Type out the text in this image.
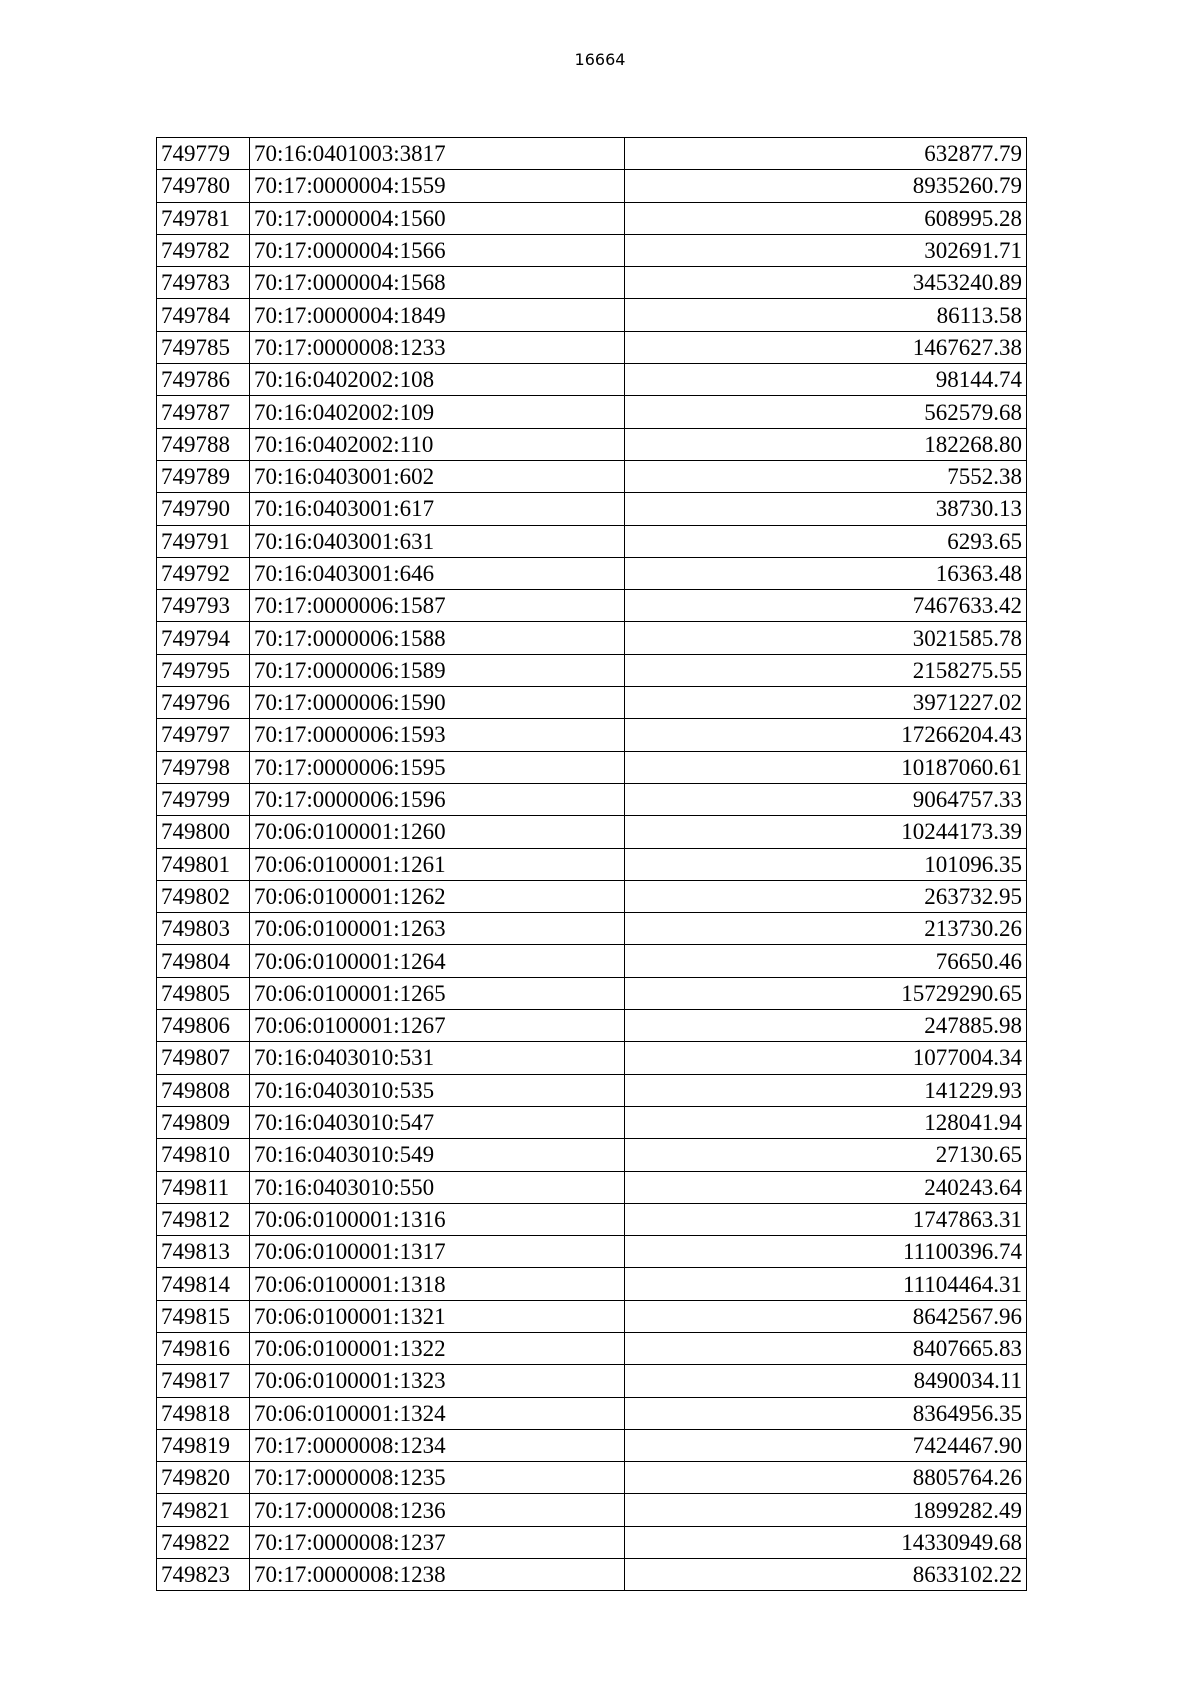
16664
749779	70:16:0401003:3817	632877.79
749780	70:17:0000004:1559	8935260.79
749781	70:17:0000004:1560	608995.28
749782	70:17:0000004:1566	302691.71
749783	70:17:0000004:1568	3453240.89
749784	70:17:0000004:1849	86113.58
749785	70:17:0000008:1233	1467627.38
749786	70:16:0402002:108	98144.74
749787	70:16:0402002:109	562579.68
749788	70:16:0402002:110	182268.80
749789	70:16:0403001:602	7552.38
749790	70:16:0403001:617	38730.13
749791	70:16:0403001:631	6293.65
749792	70:16:0403001:646	16363.48
749793	70:17:0000006:1587	7467633.42
749794	70:17:0000006:1588	3021585.78
749795	70:17:0000006:1589	2158275.55
749796	70:17:0000006:1590	3971227.02
749797	70:17:0000006:1593	17266204.43
749798	70:17:0000006:1595	10187060.61
749799	70:17:0000006:1596	9064757.33
749800	70:06:0100001:1260	10244173.39
749801	70:06:0100001:1261	101096.35
749802	70:06:0100001:1262	263732.95
749803	70:06:0100001:1263	213730.26
749804	70:06:0100001:1264	76650.46
749805	70:06:0100001:1265	15729290.65
749806	70:06:0100001:1267	247885.98
749807	70:16:0403010:531	1077004.34
749808	70:16:0403010:535	141229.93
749809	70:16:0403010:547	128041.94
749810	70:16:0403010:549	27130.65
749811	70:16:0403010:550	240243.64
749812	70:06:0100001:1316	1747863.31
749813	70:06:0100001:1317	11100396.74
749814	70:06:0100001:1318	11104464.31
749815	70:06:0100001:1321	8642567.96
749816	70:06:0100001:1322	8407665.83
749817	70:06:0100001:1323	8490034.11
749818	70:06:0100001:1324	8364956.35
749819	70:17:0000008:1234	7424467.90
749820	70:17:0000008:1235	8805764.26
749821	70:17:0000008:1236	1899282.49
749822	70:17:0000008:1237	14330949.68
749823	70:17:0000008:1238	8633102.22
